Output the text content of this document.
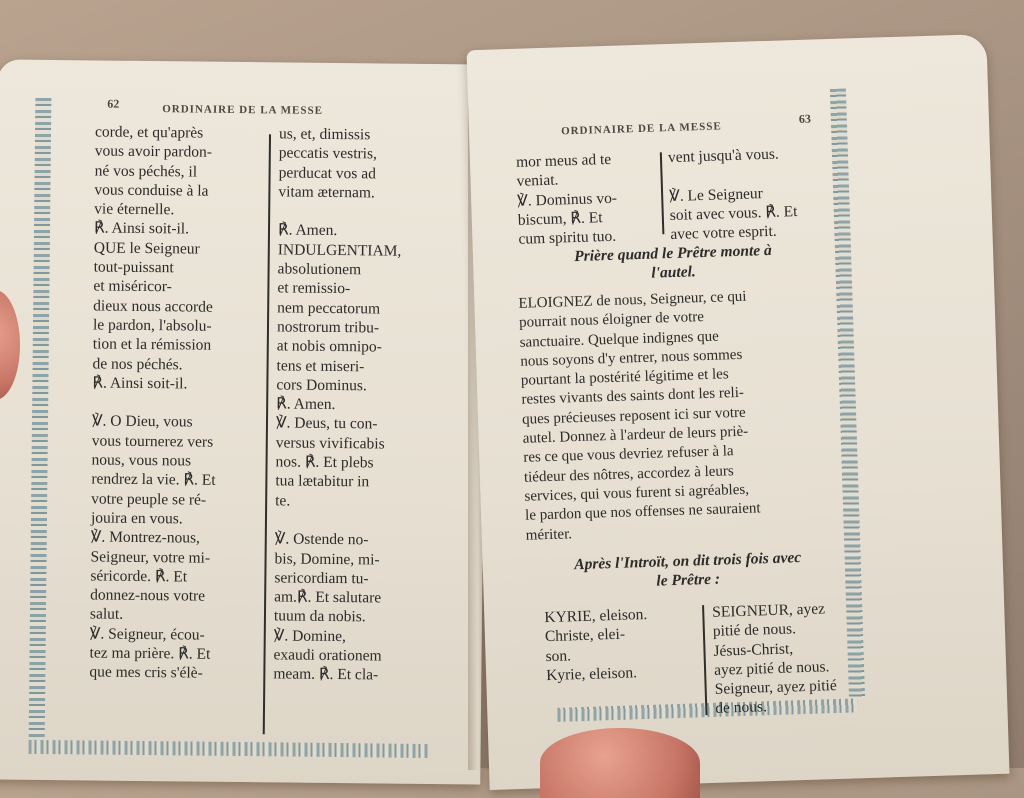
62	ORDINAIRE DE LA MESSE
corde, et qu'après
vous avoir pardon-
né vos péchés, il
vous conduise à la
vie éternelle.
℟. Ainsi soit-il.
QUE le Seigneur
tout-puissant
et miséricor-
dieux nous accorde
le pardon, l'absolu-
tion et la rémission
de nos péchés.
℟. Ainsi soit-il.

℣. O Dieu, vous
vous tournerez vers
nous, vous nous
rendrez la vie. ℟. Et
votre peuple se ré-
jouira en vous.
℣. Montrez-nous,
Seigneur, votre mi-
séricorde. ℟. Et
donnez-nous votre
salut.
℣. Seigneur, écou-
tez ma prière. ℟. Et
que mes cris s'élè-
us, et, dimissis
peccatis vestris,
perducat vos ad
vitam æternam.

℟. Amen.
INDULGENTIAM,
absolutionem
et remissio-
nem peccatorum
nostrorum tribu-
at nobis omnipo-
tens et miseri-
cors Dominus.
℟. Amen.
℣. Deus, tu con-
versus vivificabis
nos. ℟. Et plebs
tua lætabitur in
te.

℣. Ostende no-
bis, Domine, mi-
sericordiam tu-
am.℟. Et salutare
tuum da nobis.
℣. Domine,
exaudi orationem
meam. ℟. Et cla-
ORDINAIRE DE LA MESSE
63
mor meus ad te
veniat.
℣. Dominus vo-
biscum, ℟. Et
cum spiritu tuo.
vent jusqu'à vous.

℣. Le Seigneur
soit avec vous. ℟. Et
avec votre esprit.
Prière quand le Prêtre monte à
l'autel.
ELOIGNEZ de nous, Seigneur, ce qui
pourrait nous éloigner de votre
sanctuaire. Quelque indignes que
nous soyons d'y entrer, nous sommes
pourtant la postérité légitime et les
restes vivants des saints dont les reli-
ques précieuses reposent ici sur votre
autel. Donnez à l'ardeur de leurs priè-
res ce que vous devriez refuser à la
tiédeur des nôtres, accordez à leurs
services, qui vous furent si agréables,
le pardon que nos offenses ne sauraient
mériter.
Après l'Introït, on dit trois fois avec
le Prêtre :
KYRIE, eleison.
Christe, elei-
son.
Kyrie, eleison.
SEIGNEUR, ayez
pitié de nous.
Jésus-Christ,
ayez pitié de nous.
Seigneur, ayez pitié
de nous.
